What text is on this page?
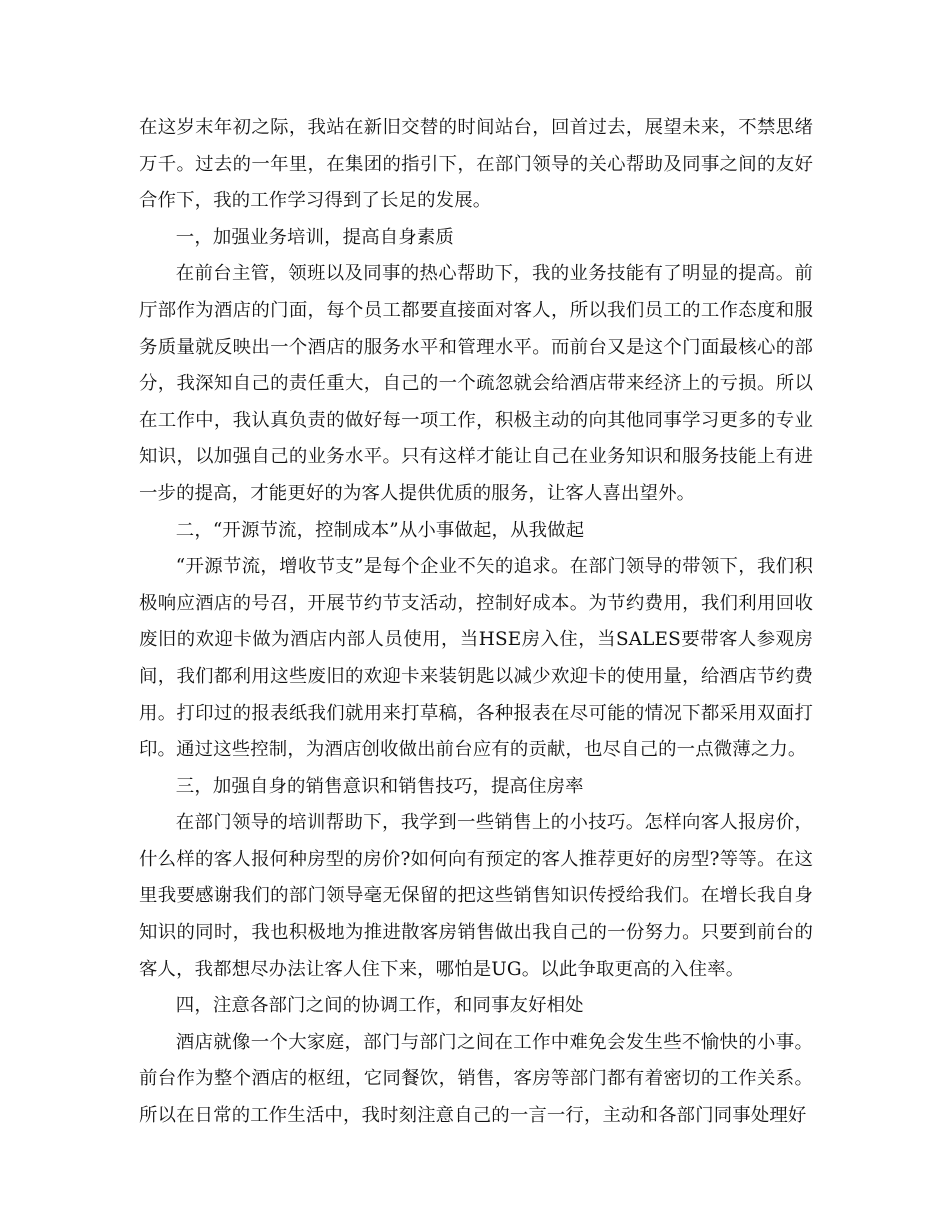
在这岁末年初之际，我站在新旧交替的时间站台，回首过去，展望未来，不禁思绪万千。过去的一年里，在集团的指引下，在部门领导的关心帮助及同事之间的友好合作下，我的工作学习得到了长足的发展。

一，加强业务培训，提高自身素质

在前台主管，领班以及同事的热心帮助下，我的业务技能有了明显的提高。前厅部作为酒店的门面，每个员工都要直接面对客人，所以我们员工的工作态度和服务质量就反映出一个酒店的服务水平和管理水平。而前台又是这个门面最核心的部分，我深知自己的责任重大，自己的一个疏忽就会给酒店带来经济上的亏损。所以在工作中，我认真负责的做好每一项工作，积极主动的向其他同事学习更多的专业知识，以加强自己的业务水平。只有这样才能让自己在业务知识和服务技能上有进一步的提高，才能更好的为客人提供优质的服务，让客人喜出望外。

二，“开源节流，控制成本”从小事做起，从我做起

“开源节流，增收节支”是每个企业不矢的追求。在部门领导的带领下，我们积极响应酒店的号召，开展节约节支活动，控制好成本。为节约费用，我们利用回收废旧的欢迎卡做为酒店内部人员使用，当HSE房入住，当SALES要带客人参观房间，我们都利用这些废旧的欢迎卡来装钥匙以减少欢迎卡的使用量，给酒店节约费用。打印过的报表纸我们就用来打草稿，各种报表在尽可能的情况下都采用双面打印。通过这些控制，为酒店创收做出前台应有的贡献，也尽自己的一点微薄之力。

三，加强自身的销售意识和销售技巧，提高住房率

在部门领导的培训帮助下，我学到一些销售上的小技巧。怎样向客人报房价，什么样的客人报何种房型的房价?如何向有预定的客人推荐更好的房型?等等。在这里我要感谢我们的部门领导毫无保留的把这些销售知识传授给我们。在增长我自身知识的同时，我也积极地为推进散客房销售做出我自己的一份努力。只要到前台的客人，我都想尽办法让客人住下来，哪怕是UG。以此争取更高的入住率。

四，注意各部门之间的协调工作，和同事友好相处

酒店就像一个大家庭，部门与部门之间在工作中难免会发生些不愉快的小事。前台作为整个酒店的枢纽，它同餐饮，销售，客房等部门都有着密切的工作关系。所以在日常的工作生活中，我时刻注意自己的一言一行，主动和各部门同事处理好
